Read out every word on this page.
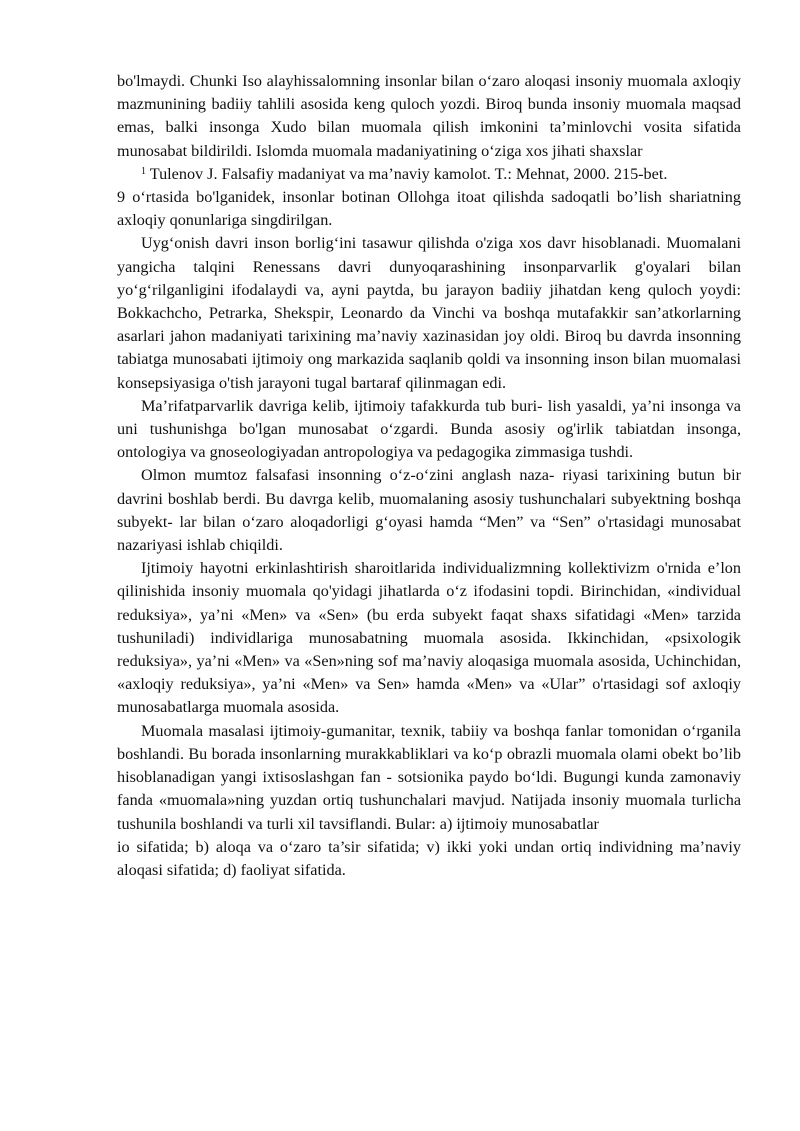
bo'lmaydi. Chunki Iso alayhissalomning insonlar bilan o‘zaro aloqasi insoniy muomala axloqiy mazmunining badiiy tahlili asosida keng quloch yozdi. Biroq bunda insoniy muomala maqsad emas, balki insonga Xudo bilan muomala qilish imkonini ta’minlovchi vosita sifatida munosabat bildirildi. Islomda muomala madaniyatining o‘ziga xos jihati shaxslar

$^1$ Tulenov J. Falsafiy madaniyat va ma’naviy kamolot. T.: Mehnat, 2000. 215-bet.

9 o‘rtasida bo'lganidek, insonlar botinan Ollohga itoat qilishda sadoqatli bo’lish shariatning axloqiy qonunlariga singdirilgan.

Uyg‘onish davri inson borlig‘ini tasawur qilishda o'ziga xos davr hisoblanadi. Muomalani yangicha talqini Renessans davri dunyoqarashining insonparvarlik g'oyalari bilan yo‘g‘rilganligini ifodalaydi va, ayni paytda, bu jarayon badiiy jihatdan keng quloch yoydi: Bokkachcho, Petrarka, Shekspir, Leonardo da Vinchi va boshqa mutafakkir san’atkorlarning asarlari jahon madaniyati tarixining ma’naviy xazinasidan joy oldi. Biroq bu davrda insonning tabiatga munosabati ijtimoiy ong markazida saqlanib qoldi va insonning inson bilan muomalasi konsepsiyasiga o'tish jarayoni tugal bartaraf qilinmagan edi.

Ma’rifatparvarlik davriga kelib, ijtimoiy tafakkurda tub buri- lish yasaldi, ya’ni insonga va uni tushunishga bo'lgan munosabat o‘zgardi. Bunda asosiy og'irlik tabiatdan insonga, ontologiya va gnoseologiyadan antropologiya va pedagogika zimmasiga tushdi.

Olmon mumtoz falsafasi insonning o‘z-o‘zini anglash naza- riyasi tarixining butun bir davrini boshlab berdi. Bu davrga kelib, muomalaning asosiy tushunchalari subyektning boshqa subyekt- lar bilan o‘zaro aloqadorligi g‘oyasi hamda “Men” va “Sen” o'rtasidagi munosabat nazariyasi ishlab chiqildi.

Ijtimoiy hayotni erkinlashtirish sharoitlarida individualizmning kollektivizm o'rnida e’lon qilinishida insoniy muomala qo'yidagi jihatlarda o‘z ifodasini topdi. Birinchidan, «individual reduksiya», ya’ni «Men» va «Sen» (bu erda subyekt faqat shaxs sifatidagi «Men» tarzida tushuniladi) individlariga munosabatning muomala asosida. Ikkinchidan, «psixologik reduksiya», ya’ni «Men» va «Sen»ning sof ma’naviy aloqasiga muomala asosida, Uchinchidan, «axloqiy reduksiya», ya’ni «Men» va Sen» hamda «Men» va «Ular” o'rtasidagi sof axloqiy munosabatlarga muomala asosida.

Muomala masalasi ijtimoiy-gumanitar, texnik, tabiiy va boshqa fanlar tomonidan o‘rganila boshlandi. Bu borada insonlarning murakkabliklari va ko‘p obrazli muomala olami obekt bo’lib hisoblanadigan yangi ixtisoslashgan fan - sotsionika paydo bo‘ldi. Bugungi kunda zamonaviy fanda «muomala»ning yuzdan ortiq tushunchalari mavjud. Natijada insoniy muomala turlicha tushunila boshlandi va turli xil tavsiflandi. Bular: a) ijtimoiy munosabatlar

io sifatida; b) aloqa va o‘zaro ta’sir sifatida; v) ikki yoki undan ortiq individning ma’naviy aloqasi sifatida; d) faoliyat sifatida.
